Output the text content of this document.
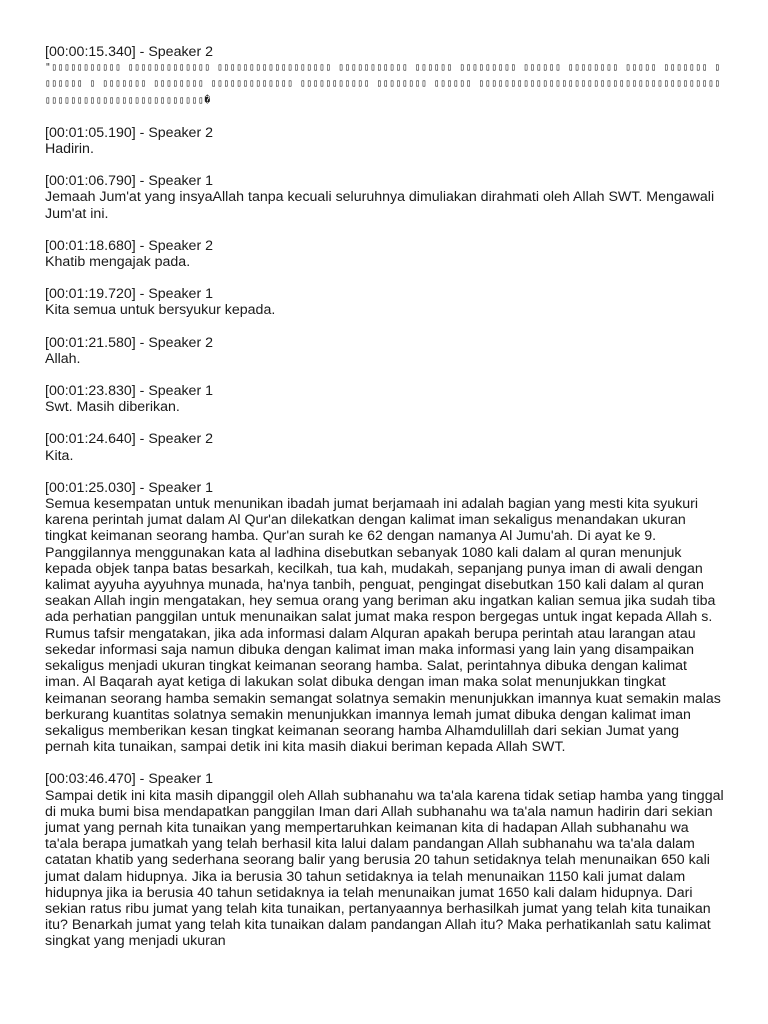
[00:00:15.340] - Speaker 2
"▯▯▯▯▯▯▯▯▯▯▯ ▯▯▯▯▯▯▯▯▯▯▯▯▯ ▯▯▯▯▯▯▯▯▯▯▯▯▯▯▯▯▯▯ ▯▯▯▯▯▯▯▯▯▯▯ ▯▯▯▯▯▯ ▯▯▯▯▯▯▯▯▯ ▯▯▯▯▯▯ ▯▯▯▯▯▯▯▯ ▯▯▯▯▯ ▯▯▯▯▯▯▯ ▯▯▯▯▯▯▯ ▯ ▯▯▯▯▯▯▯ ▯▯▯▯▯▯▯▯ ▯▯▯▯▯▯▯▯▯▯▯▯▯ ▯▯▯▯▯▯▯▯▯▯▯ ▯▯▯▯▯▯▯▯ ▯▯▯▯▯▯ ▯▯▯▯▯▯▯▯▯▯▯▯▯▯▯▯▯▯▯▯▯▯▯▯▯▯▯▯▯▯▯▯▯▯▯▯▯▯▯▯▯▯▯▯▯▯▯▯▯▯▯▯▯▯▯▯▯▯▯▯▯▯▯�
[00:01:05.190] - Speaker 2
Hadirin.
[00:01:06.790] - Speaker 1
Jemaah Jum'at yang insyaAllah tanpa kecuali seluruhnya dimuliakan dirahmati oleh Allah SWT. Mengawali Jum'at ini.
[00:01:18.680] - Speaker 2
Khatib mengajak pada.
[00:01:19.720] - Speaker 1
Kita semua untuk bersyukur kepada.
[00:01:21.580] - Speaker 2
Allah.
[00:01:23.830] - Speaker 1
Swt. Masih diberikan.
[00:01:24.640] - Speaker 2
Kita.
[00:01:25.030] - Speaker 1
Semua kesempatan untuk menunikan ibadah jumat berjamaah ini adalah bagian yang mesti kita syukuri karena perintah jumat dalam Al Qur'an dilekatkan dengan kalimat iman sekaligus menandakan ukuran tingkat keimanan seorang hamba. Qur'an surah ke 62 dengan namanya Al Jumu'ah. Di ayat ke 9. Panggilannya menggunakan kata al ladhina disebutkan sebanyak 1080 kali dalam al quran menunjuk kepada objek tanpa batas besarkah, kecilkah, tua kah, mudakah, sepanjang punya iman di awali dengan kalimat ayyuha ayyuhnya munada, ha'nya tanbih, penguat, pengingat disebutkan 150 kali dalam al quran seakan Allah ingin mengatakan, hey semua orang yang beriman aku ingatkan kalian semua jika sudah tiba ada perhatian panggilan untuk menunaikan salat jumat maka respon bergegas untuk ingat kepada Allah s. Rumus tafsir mengatakan, jika ada informasi dalam Alquran apakah berupa perintah atau larangan atau sekedar informasi saja namun dibuka dengan kalimat iman maka informasi yang lain yang disampaikan sekaligus menjadi ukuran tingkat keimanan seorang hamba. Salat, perintahnya dibuka dengan kalimat iman. Al Baqarah ayat ketiga di lakukan solat dibuka dengan iman maka solat menunjukkan tingkat keimanan seorang hamba semakin semangat solatnya semakin menunjukkan imannya kuat semakin malas berkurang kuantitas solatnya semakin menunjukkan imannya lemah jumat dibuka dengan kalimat iman sekaligus memberikan kesan tingkat keimanan seorang hamba Alhamdulillah dari sekian Jumat yang pernah kita tunaikan, sampai detik ini kita masih diakui beriman kepada Allah SWT.
[00:03:46.470] - Speaker 1
Sampai detik ini kita masih dipanggil oleh Allah subhanahu wa ta'ala karena tidak setiap hamba yang tinggal di muka bumi bisa mendapatkan panggilan Iman dari Allah subhanahu wa ta'ala namun hadirin dari sekian jumat yang pernah kita tunaikan yang mempertaruhkan keimanan kita di hadapan Allah subhanahu wa ta'ala berapa jumatkah yang telah berhasil kita lalui dalam pandangan Allah subhanahu wa ta'ala dalam catatan khatib yang sederhana seorang balir yang berusia 20 tahun setidaknya telah menunaikan 650 kali jumat dalam hidupnya. Jika ia berusia 30 tahun setidaknya ia telah menunaikan 1150 kali jumat dalam hidupnya jika ia berusia 40 tahun setidaknya ia telah menunaikan jumat 1650 kali dalam hidupnya. Dari sekian ratus ribu jumat yang telah kita tunaikan, pertanyaannya berhasilkah jumat yang telah kita tunaikan itu? Benarkah jumat yang telah kita tunaikan dalam pandangan Allah itu? Maka perhatikanlah satu kalimat singkat yang menjadi ukuran
